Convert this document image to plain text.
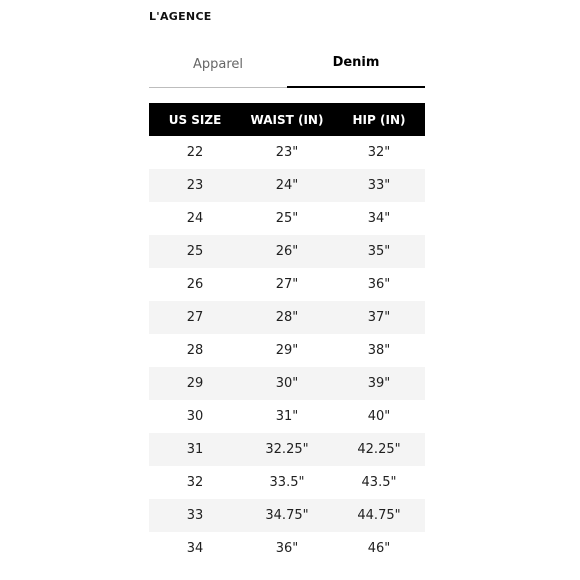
L'AGENCE
Apparel	Denim
US SIZE	WAIST (IN)	HIP (IN)
22	23"	32"
23	24"	33"
24	25"	34"
25	26"	35"
26	27"	36"
27	28"	37"
28	29"	38"
29	30"	39"
30	31"	40"
31	32.25"	42.25"
32	33.5"	43.5"
33	34.75"	44.75"
34	36"	46"
